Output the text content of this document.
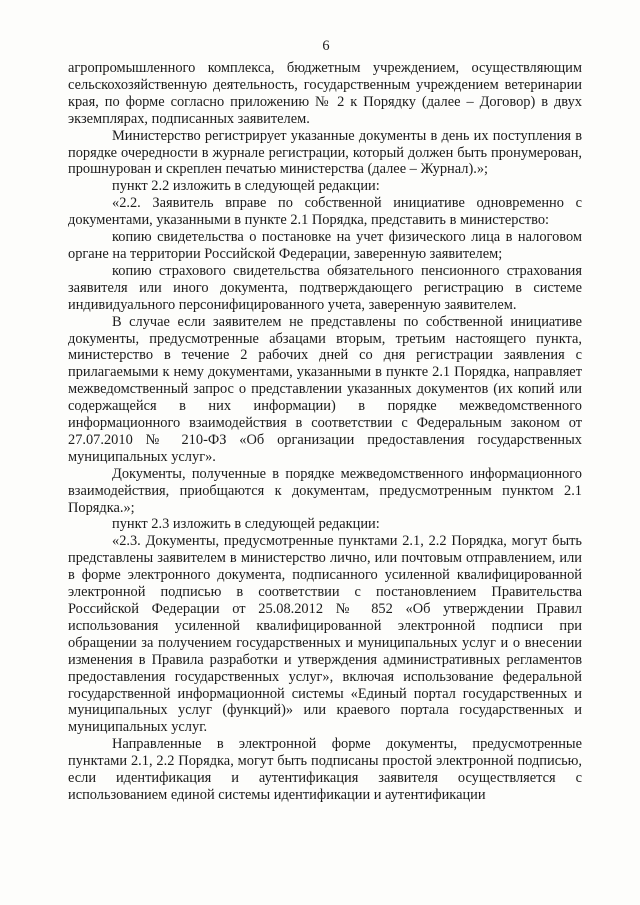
6

агропромышленного комплекса, бюджетным учреждением, осуществляющим сельскохозяйственную деятельность, государственным учреждением ветеринарии края, по форме согласно приложению № 2 к Порядку (далее – Договор) в двух экземплярах, подписанных заявителем.

Министерство регистрирует указанные документы в день их поступления в порядке очередности в журнале регистрации, который должен быть пронумерован, прошнурован и скреплен печатью министерства (далее – Журнал).»;

пункт 2.2 изложить в следующей редакции:

«2.2. Заявитель вправе по собственной инициативе одновременно с документами, указанными в пункте 2.1 Порядка, представить в министерство:

копию свидетельства о постановке на учет физического лица в налоговом органе на территории Российской Федерации, заверенную заявителем;

копию страхового свидетельства обязательного пенсионного страхования заявителя или иного документа, подтверждающего регистрацию в системе индивидуального персонифицированного учета, заверенную заявителем.

В случае если заявителем не представлены по собственной инициативе документы, предусмотренные абзацами вторым, третьим настоящего пункта, министерство в течение 2 рабочих дней со дня регистрации заявления с прилагаемыми к нему документами, указанными в пункте 2.1 Порядка, направляет межведомственный запрос о представлении указанных документов (их копий или содержащейся в них информации) в порядке межведомственного информационного взаимодействия в соответствии с Федеральным законом от 27.07.2010 № 210-ФЗ «Об организации предоставления государственных муниципальных услуг».

Документы, полученные в порядке межведомственного информационного взаимодействия, приобщаются к документам, предусмотренным пунктом 2.1 Порядка.»;

пункт 2.3 изложить в следующей редакции:

«2.3. Документы, предусмотренные пунктами 2.1, 2.2 Порядка, могут быть представлены заявителем в министерство лично, или почтовым отправлением, или в форме электронного документа, подписанного усиленной квалифицированной электронной подписью в соответствии с постановлением Правительства Российской Федерации от 25.08.2012 № 852 «Об утверждении Правил использования усиленной квалифицированной электронной подписи при обращении за получением государственных и муниципальных услуг и о внесении изменения в Правила разработки и утверждения административных регламентов предоставления государственных услуг», включая использование федеральной государственной информационной системы «Единый портал государственных и муниципальных услуг (функций)» или краевого портала государственных и муниципальных услуг.

Направленные в электронной форме документы, предусмотренные пунктами 2.1, 2.2 Порядка, могут быть подписаны простой электронной подписью, если идентификация и аутентификация заявителя осуществляется с использованием единой системы идентификации и аутентификации
